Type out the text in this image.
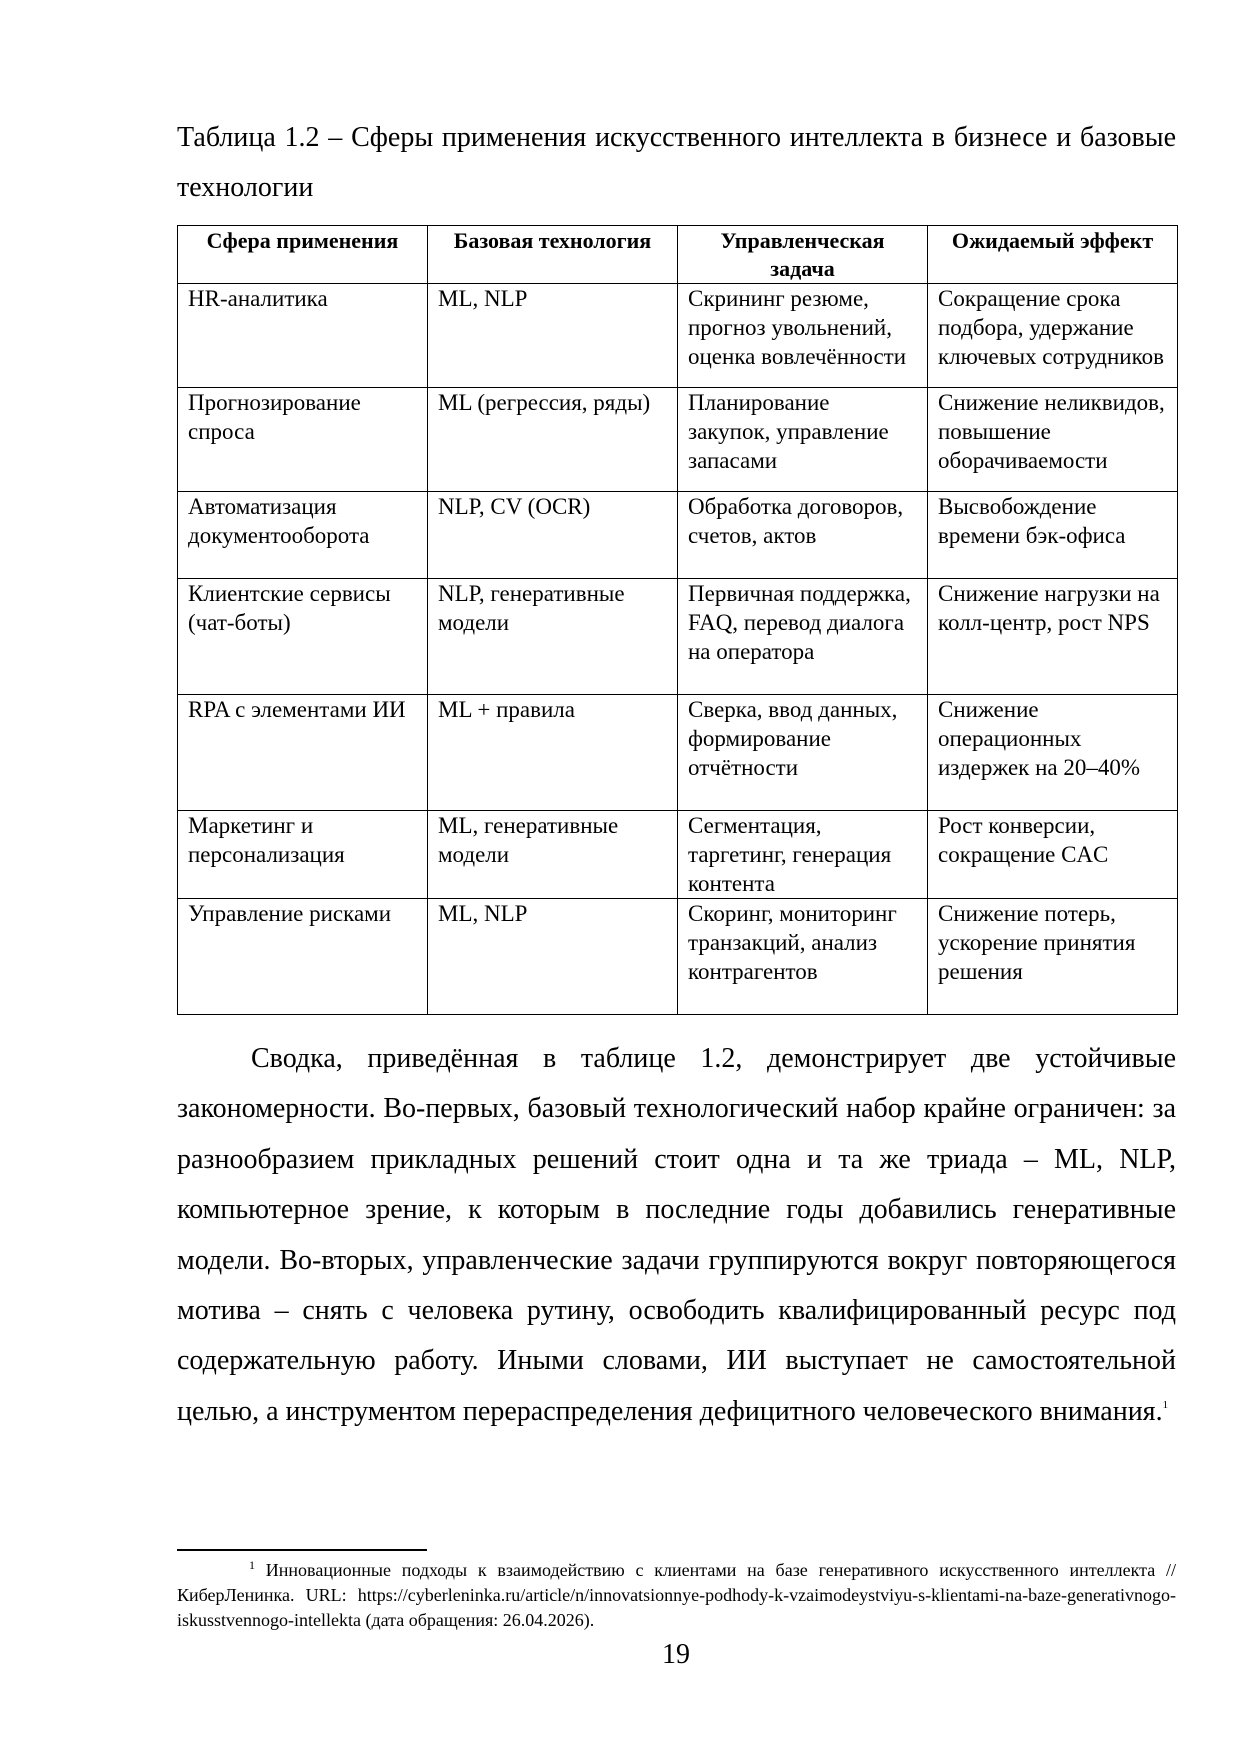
Таблица 1.2 – Сферы применения искусственного интеллекта в бизнесе и базовые технологии
Сфера применения	Базовая технология	Управленческая задача	Ожидаемый эффект
HR-аналитика	ML, NLP	Скрининг резюме, прогноз увольнений, оценка вовлечённости	Сокращение срока подбора, удержание ключевых сотрудников
Прогнозирование спроса	ML (регрессия, ряды)	Планирование закупок, управление запасами	Снижение неликвидов, повышение оборачиваемости
Автоматизация документооборота	NLP, CV (OCR)	Обработка договоров, счетов, актов	Высвобождение времени бэк-офиса
Клиентские сервисы (чат-боты)	NLP, генеративные модели	Первичная поддержка, FAQ, перевод диалога на оператора	Снижение нагрузки на колл-центр, рост NPS
RPA с элементами ИИ	ML + правила	Сверка, ввод данных, формирование отчётности	Снижение операционных издержек на 20–40%
Маркетинг и персонализация	ML, генеративные модели	Сегментация, таргетинг, генерация контента	Рост конверсии, сокращение CAC
Управление рисками	ML, NLP	Скоринг, мониторинг транзакций, анализ контрагентов	Снижение потерь, ускорение принятия решения

Сводка, приведённая в таблице 1.2, демонстрирует две устойчивые закономерности. Во-первых, базовый технологический набор крайне ограничен: за разнообразием прикладных решений стоит одна и та же триада – ML, NLP, компьютерное зрение, к которым в последние годы добавились генеративные модели. Во-вторых, управленческие задачи группируются вокруг повторяющегося мотива – снять с человека рутину, освободить квалифицированный ресурс под содержательную работу. Иными словами, ИИ выступает не самостоятельной целью, а инструментом перераспределения дефицитного человеческого внимания.$^1$

$^1$ Инновационные подходы к взаимодействию с клиентами на базе генеративного искусственного интеллекта // КиберЛенинка. URL: https://cyberleninka.ru/article/n/innovatsionnye-podhody-k-vzaimodeystviyu-s-klientami-na-baze-generativnogo-iskusstvennogo-intellekta (дата обращения: 26.04.2026).

19
